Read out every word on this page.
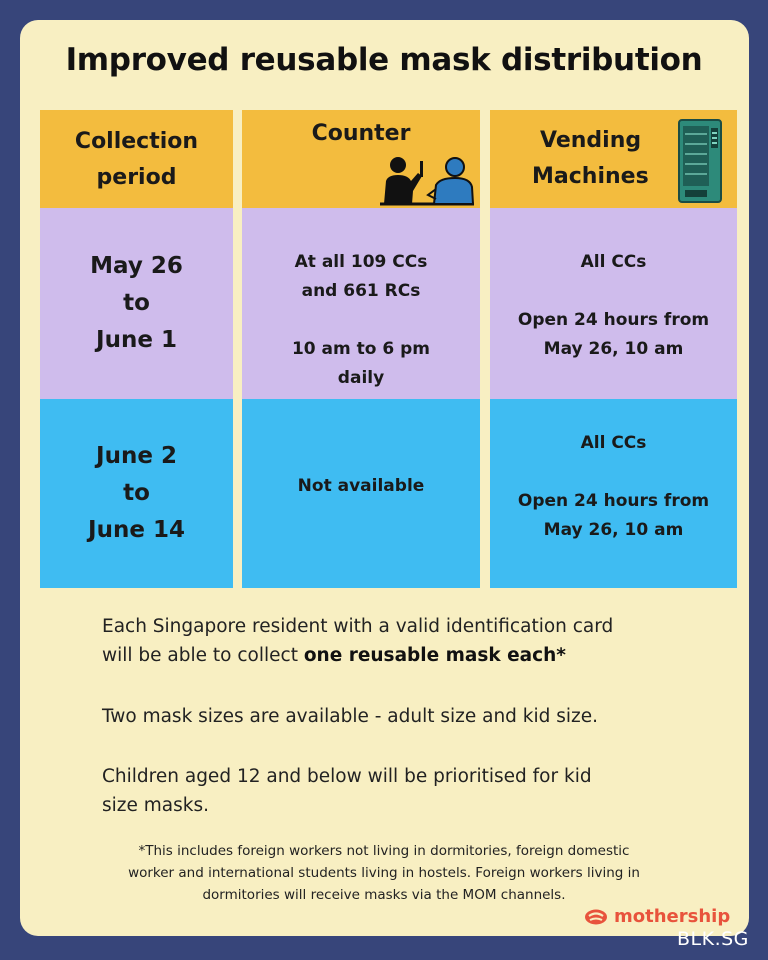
Improved reusable mask distribution
Collection
period
Counter	Vending
Machines
May 26
to
June 1
At all 109 CCs
and 661 RCs
10 am to 6 pm
daily
All CCs
Open 24 hours from
May 26, 10 am
June 2
to
June 14
Not available
All CCs
Open 24 hours from
May 26, 10 am
Each Singapore resident with a valid identification card
will be able to collect one reusable mask each*
Two mask sizes are available - adult size and kid size.
Children aged 12 and below will be prioritised for kid
size masks.
*This includes foreign workers not living in dormitories, foreign domestic
worker and international students living in hostels. Foreign workers living in
dormitories will receive masks via the MOM channels.
mothership
BLK.SG
